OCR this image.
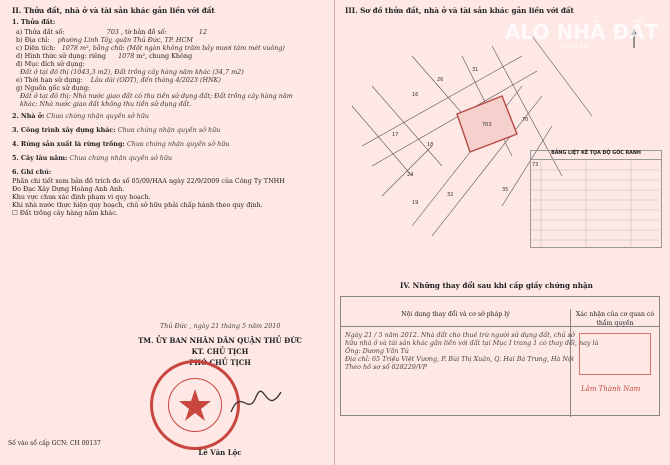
II. Thửa đất, nhà ở và tài sản khác gắn liền với đất
1. Thửa đất:
a) Thửa đất số:	703 , tờ bản đồ số:	12
b) Địa chỉ: phường Linh Tây, quận Thủ Đức, TP. HCM
c) Diện tích: 1078 m², bằng chữ: (Một ngàn không trăm bảy mươi tám mét vuông)
d) Hình thức sử dụng: riêng 1078 m², chung Không
đ) Mục đích sử dụng:
Đất ở tại đô thị (1043,3 m2), Đất trồng cây hàng năm khác (34,7 m2)
e) Thời hạn sử dụng: Lâu dài (ODT), đến tháng 4/2023 (HNK)
g) Nguồn gốc sử dụng:
Đất ở tại đô thị: Nhà nước giao đất có thu tiền sử dụng đất; Đất trồng cây hàng năm
khác: Nhà nước giao đất không thu tiền sử dụng đất.
2. Nhà ở: Chưa chứng nhận quyền sở hữu
3. Công trình xây dựng khác: Chưa chứng nhận quyền sở hữu
4. Rừng sản xuất là rừng trồng: Chưa chứng nhận quyền sở hữu
5. Cây lâu năm: Chưa chứng nhận quyền sở hữu
6. Ghi chú:
Phần chi tiết xem bản đồ trích đo số 05/09/HAA ngày 22/9/2009 của Công Ty TNHH
Đo Đạc Xây Dựng Hoàng Anh Anh.
Khu vực chưa xác định phạm vi quy hoạch.
Khi nhà nước thực hiện quy hoạch, chủ sở hữu phải chấp hành theo quy định.
☐ Đất trồng cây hàng năm khác.
Thủ Đức , ngày 21 tháng 5 năm 2010
TM. ỦY BAN NHÂN DÂN QUẬN THỦ ĐỨC
KT. CHỦ TỊCH
PHÓ CHỦ TỊCH
Lê Văn Lộc
Số vào sổ cấp GCN: CH 00137
III. Sơ đồ thửa đất, nhà ở và tài sản khác gắn liền với đất
16
26
31
17
18
70
24
32
73
703
19
35
ALO NHÀ ĐẤT
.com.vn
BẢNG LIỆT KÊ TỌA ĐỘ GÓC RANH
IV. Những thay đổi sau khi cấp giấy chứng nhận
Nội dung thay đổi và cơ sở pháp lý
Ngày 21 / 5 năm 2012. Nhà đất cho thuê trừ người sử dụng đất, chủ sở
hữu nhà ở và tài sản khác gắn liền với đất tại Mục I trang 1 có thay đổi, nay là
Ông: Dương Văn Tú
Địa chỉ: 65 Triệu Việt Vương, P. Bùi Thị Xuân, Q. Hai Bà Trưng, Hà Nội
Theo hồ sơ số 028229/VP
Xác nhận của cơ quan có thẩm quyền
Lâm Thành Nam
